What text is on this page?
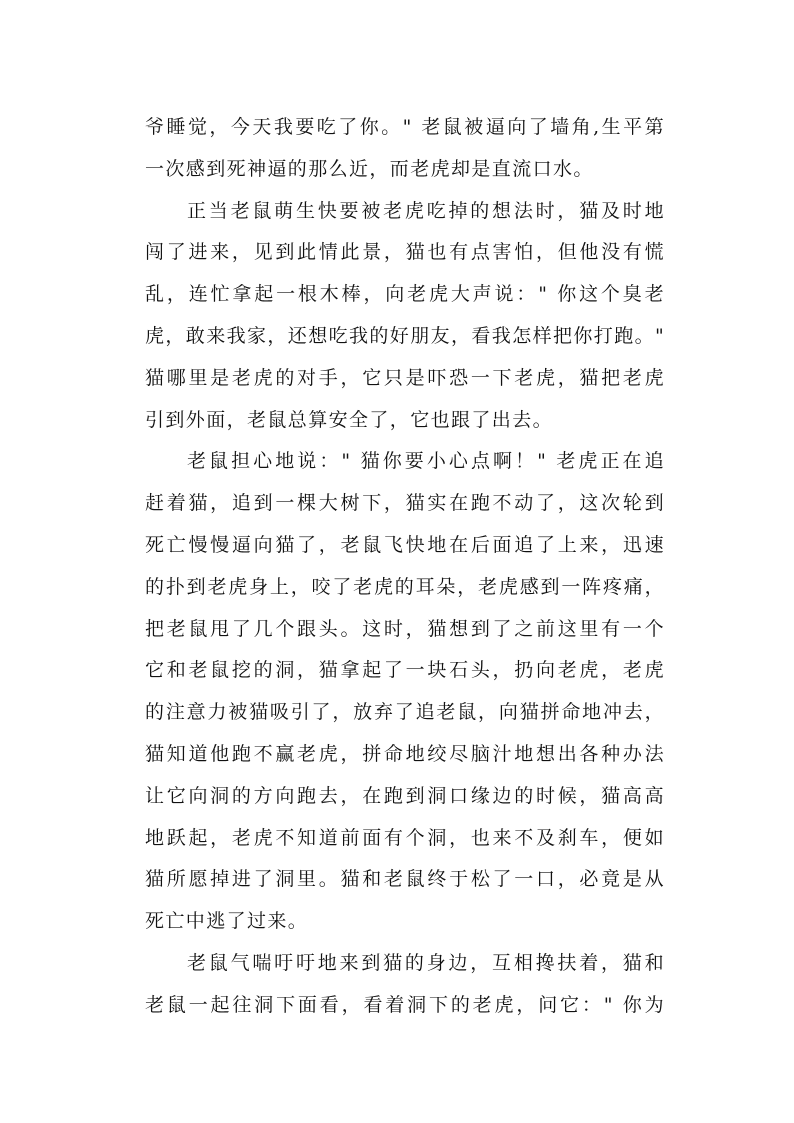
爷睡觉，今天我要吃了你。" 老鼠被逼向了墙角,生平第
一次感到死神逼的那么近，而老虎却是直流口水。
正当老鼠萌生快要被老虎吃掉的想法时，猫及时地
闯了进来，见到此情此景，猫也有点害怕，但他没有慌
乱，连忙拿起一根木棒，向老虎大声说：" 你这个臭老
虎，敢来我家，还想吃我的好朋友，看我怎样把你打跑。"
猫哪里是老虎的对手，它只是吓恐一下老虎，猫把老虎
引到外面，老鼠总算安全了，它也跟了出去。
老鼠担心地说：" 猫你要小心点啊！" 老虎正在追
赶着猫，追到一棵大树下，猫实在跑不动了，这次轮到
死亡慢慢逼向猫了，老鼠飞快地在后面追了上来，迅速
的扑到老虎身上，咬了老虎的耳朵，老虎感到一阵疼痛，
把老鼠甩了几个跟头。这时，猫想到了之前这里有一个
它和老鼠挖的洞，猫拿起了一块石头，扔向老虎，老虎
的注意力被猫吸引了，放弃了追老鼠，向猫拼命地冲去，
猫知道他跑不赢老虎，拼命地绞尽脑汁地想出各种办法
让它向洞的方向跑去，在跑到洞口缘边的时候，猫高高
地跃起，老虎不知道前面有个洞，也来不及刹车，便如
猫所愿掉进了洞里。猫和老鼠终于松了一口，必竟是从
死亡中逃了过来。
老鼠气喘吁吁地来到猫的身边，互相搀扶着，猫和
老鼠一起往洞下面看，看着洞下的老虎，问它：" 你为
